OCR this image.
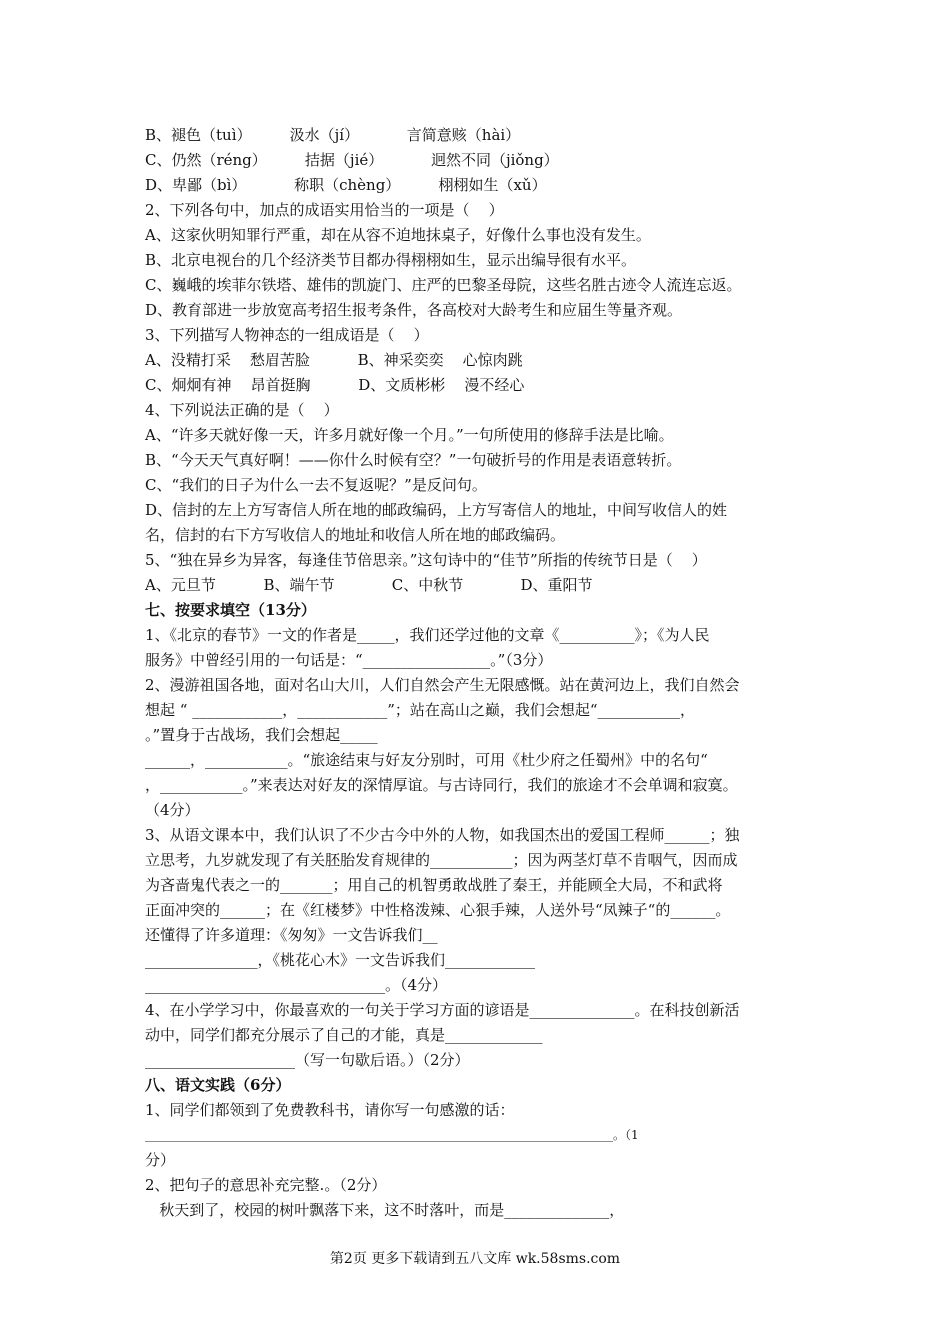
B、褪色（tuì）        汲水（jí）          言简意赅（hài）
C、仍然（réng）        拮据（jié）          迥然不同（jiǒng）
D、卑鄙（bì）          称职（chèng）        栩栩如生（xǔ）
2、下列各句中，加点的成语实用恰当的一项是（    ）
A、这家伙明知罪行严重，却在从容不迫地抹桌子，好像什么事也没有发生。
B、北京电视台的几个经济类节目都办得栩栩如生，显示出编导很有水平。
C、巍峨的埃菲尔铁塔、雄伟的凯旋门、庄严的巴黎圣母院，这些名胜古迹令人流连忘返。
D、教育部进一步放宽高考招生报考条件，各高校对大龄考生和应届生等量齐观。
3、下列描写人物神态的一组成语是（    ）
A、没精打采    愁眉苦脸          B、神采奕奕    心惊肉跳
C、炯炯有神    昂首挺胸          D、文质彬彬    漫不经心
4、下列说法正确的是（    ）
A、“许多天就好像一天，许多月就好像一个月。”一句所使用的修辞手法是比喻。
B、“今天天气真好啊！——你什么时候有空？”一句破折号的作用是表语意转折。
C、“我们的日子为什么一去不复返呢？”是反问句。
D、信封的左上方写寄信人所在地的邮政编码，上方写寄信人的地址，中间写收信人的姓
名，信封的右下方写收信人的地址和收信人所在地的邮政编码。
5、“独在异乡为异客，每逢佳节倍思亲。”这句诗中的“佳节”所指的传统节日是（    ）
A、元旦节          B、端午节            C、中秋节            D、重阳节
七、按要求填空（13分）
1、《北京的春节》一文的作者是_____，我们还学过他的文章《__________》；《为人民
服务》中曾经引用的一句话是：“_________________。”（3分）
2、漫游祖国各地，面对名山大川，人们自然会产生无限感慨。站在黄河边上，我们自然会
想起 “ ____________，____________”；站在高山之巅，我们会想起“___________，
。”置身于古战场，我们会想起_____
______，___________。“旅途结束与好友分别时，可用《杜少府之任蜀州》中的名句“
，___________。”来表达对好友的深情厚谊。与古诗同行，我们的旅途才不会单调和寂寞。
（4分）
3、从语文课本中，我们认识了不少古今中外的人物，如我国杰出的爱国工程师______；独
立思考，九岁就发现了有关胚胎发育规律的___________；因为两茎灯草不肯咽气，因而成
为吝啬鬼代表之一的_______；用自己的机智勇敢战胜了秦王，并能顾全大局，不和武将
正面冲突的______；在《红楼梦》中性格泼辣、心狠手辣，人送外号“凤辣子“的______。
还懂得了许多道理：《匆匆》一文告诉我们__
_______________，《桃花心木》一文告诉我们____________
________________________________。（4分）
4、在小学学习中，你最喜欢的一句关于学习方面的谚语是______________。在科技创新活
动中，同学们都充分展示了自己的才能，真是_____________
____________________（写一句歇后语。）（2分）
八、语文实践（6分）
1、同学们都领到了免费教科书，请你写一句感激的话：
______________________________________________________________________________。（1
分）
2、把句子的意思补充完整.。（2分）
秋天到了，校园的树叶飘落下来，这不时落叶，而是______________，
第2页 更多下载请到五八文库 wk.58sms.com
